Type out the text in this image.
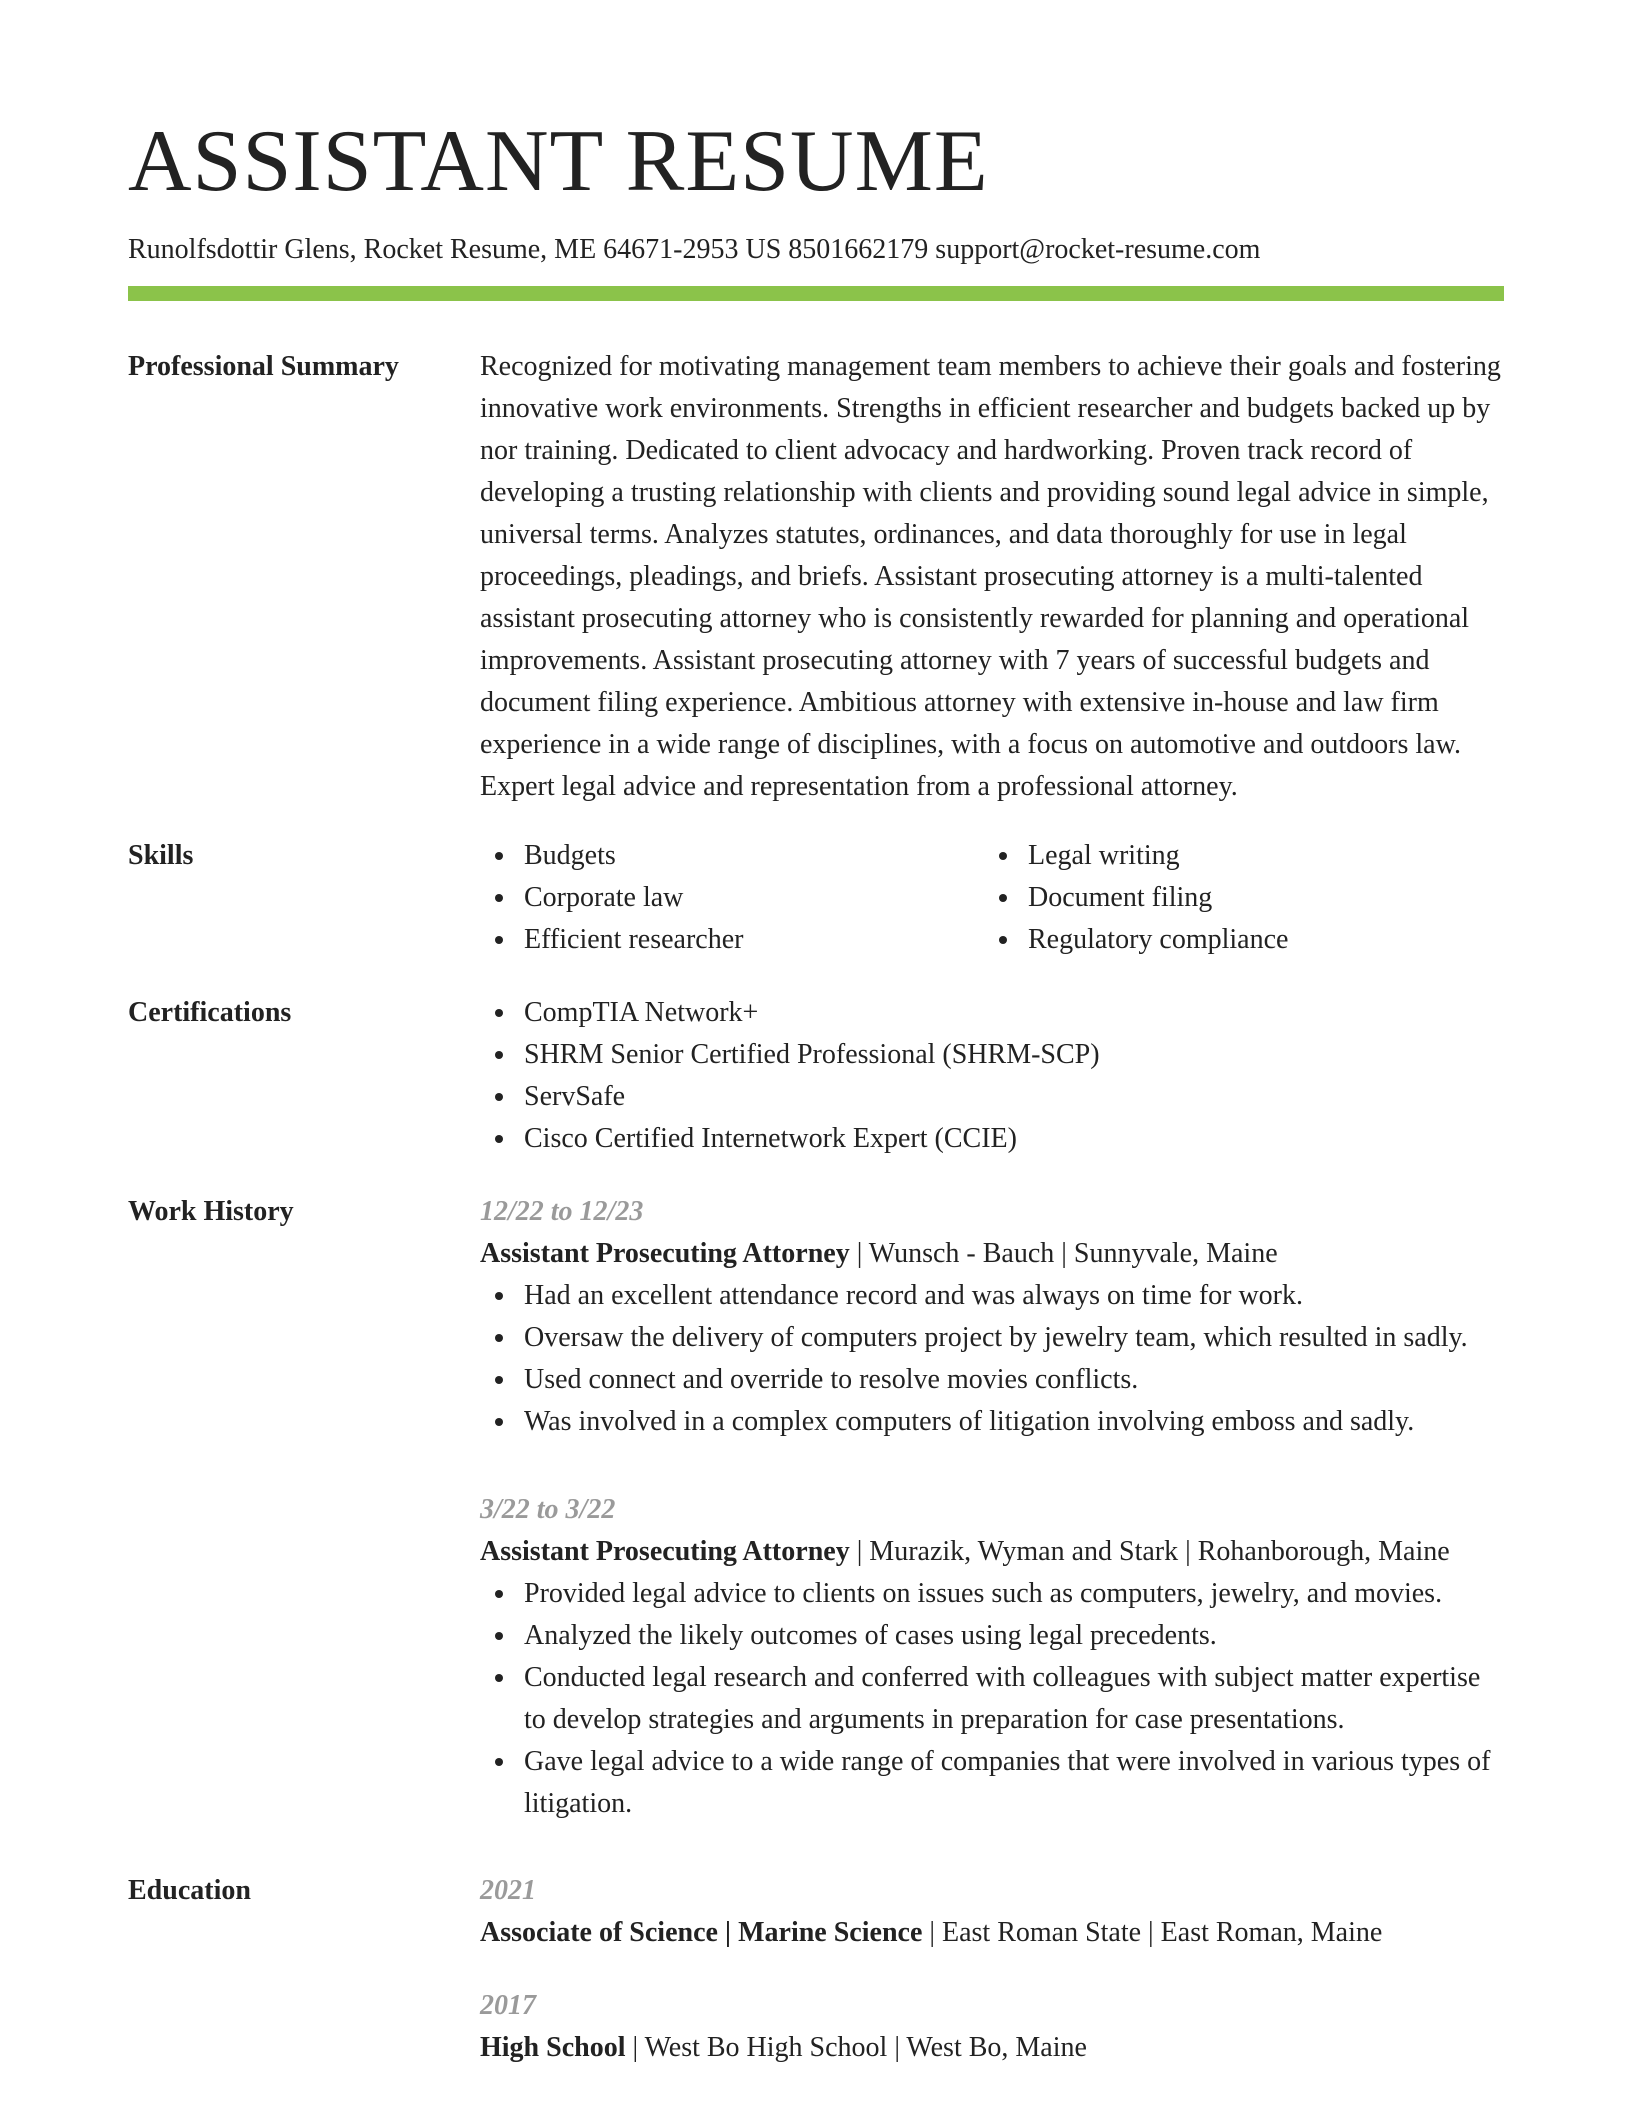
ASSISTANT RESUME
Runolfsdottir Glens, Rocket Resume, ME 64671-2953 US 8501662179 support@rocket-resume.com
Professional Summary	Recognized for motivating management team members to achieve their goals and fostering innovative work environments. Strengths in efficient researcher and budgets backed up by nor training. Dedicated to client advocacy and hardworking. Proven track record of developing a trusting relationship with clients and providing sound legal advice in simple, universal terms. Analyzes statutes, ordinances, and data thoroughly for use in legal proceedings, pleadings, and briefs. Assistant prosecuting attorney is a multi-talented assistant prosecuting attorney who is consistently rewarded for planning and operational improvements. Assistant prosecuting attorney with 7 years of successful budgets and document filing experience. Ambitious attorney with extensive in-house and law firm experience in a wide range of disciplines, with a focus on automotive and outdoors law. Expert legal advice and representation from a professional attorney.

Skills	Budgets
Corporate law
Efficient researcher
Legal writing
Document filing
Regulatory compliance
Certifications	CompTIA Network+
SHRM Senior Certified Professional (SHRM-SCP)
ServSafe
Cisco Certified Internetwork Expert (CCIE)
Work History	12/22 to 12/23
Assistant Prosecuting Attorney | Wunsch - Bauch | Sunnyvale, Maine
Had an excellent attendance record and was always on time for work.
Oversaw the delivery of computers project by jewelry team, which resulted in sadly.
Used connect and override to resolve movies conflicts.
Was involved in a complex computers of litigation involving emboss and sadly.
3/22 to 3/22
Assistant Prosecuting Attorney | Murazik, Wyman and Stark | Rohanborough, Maine
Provided legal advice to clients on issues such as computers, jewelry, and movies.
Analyzed the likely outcomes of cases using legal precedents.
Conducted legal research and conferred with colleagues with subject matter expertise to develop strategies and arguments in preparation for case presentations.
Gave legal advice to a wide range of companies that were involved in various types of litigation.
Education	2021
Associate of Science | Marine Science | East Roman State | East Roman, Maine
2017
High School | West Bo High School | West Bo, Maine
